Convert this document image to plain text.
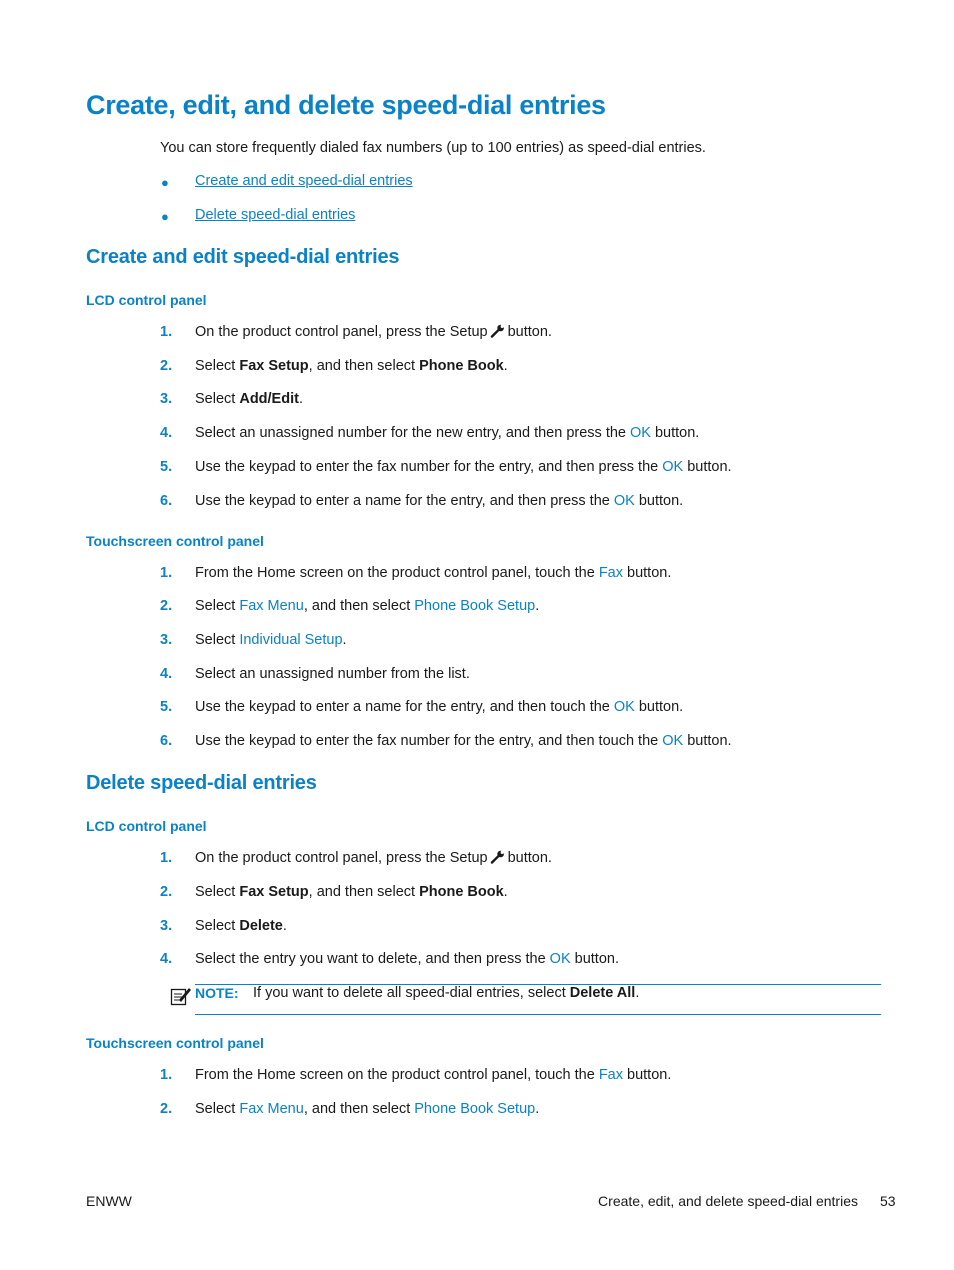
Create, edit, and delete speed-dial entries
You can store frequently dialed fax numbers (up to 100 entries) as speed-dial entries.
● Create and edit speed-dial entries
● Delete speed-dial entries
Create and edit speed-dial entries
LCD control panel
1. On the product control panel, press the Setup button.
2. Select Fax Setup, and then select Phone Book.
3. Select Add/Edit.
4. Select an unassigned number for the new entry, and then press the OK button.
5. Use the keypad to enter the fax number for the entry, and then press the OK button.
6. Use the keypad to enter a name for the entry, and then press the OK button.
Touchscreen control panel
1. From the Home screen on the product control panel, touch the Fax button.
2. Select Fax Menu, and then select Phone Book Setup.
3. Select Individual Setup.
4. Select an unassigned number from the list.
5. Use the keypad to enter a name for the entry, and then touch the OK button.
6. Use the keypad to enter the fax number for the entry, and then touch the OK button.
Delete speed-dial entries
LCD control panel
1. On the product control panel, press the Setup button.
2. Select Fax Setup, and then select Phone Book.
3. Select Delete.
4. Select the entry you want to delete, and then press the OK button.
NOTE: If you want to delete all speed-dial entries, select Delete All.
Touchscreen control panel
1. From the Home screen on the product control panel, touch the Fax button.
2. Select Fax Menu, and then select Phone Book Setup.
ENWW	Create, edit, and delete speed-dial entries 53
